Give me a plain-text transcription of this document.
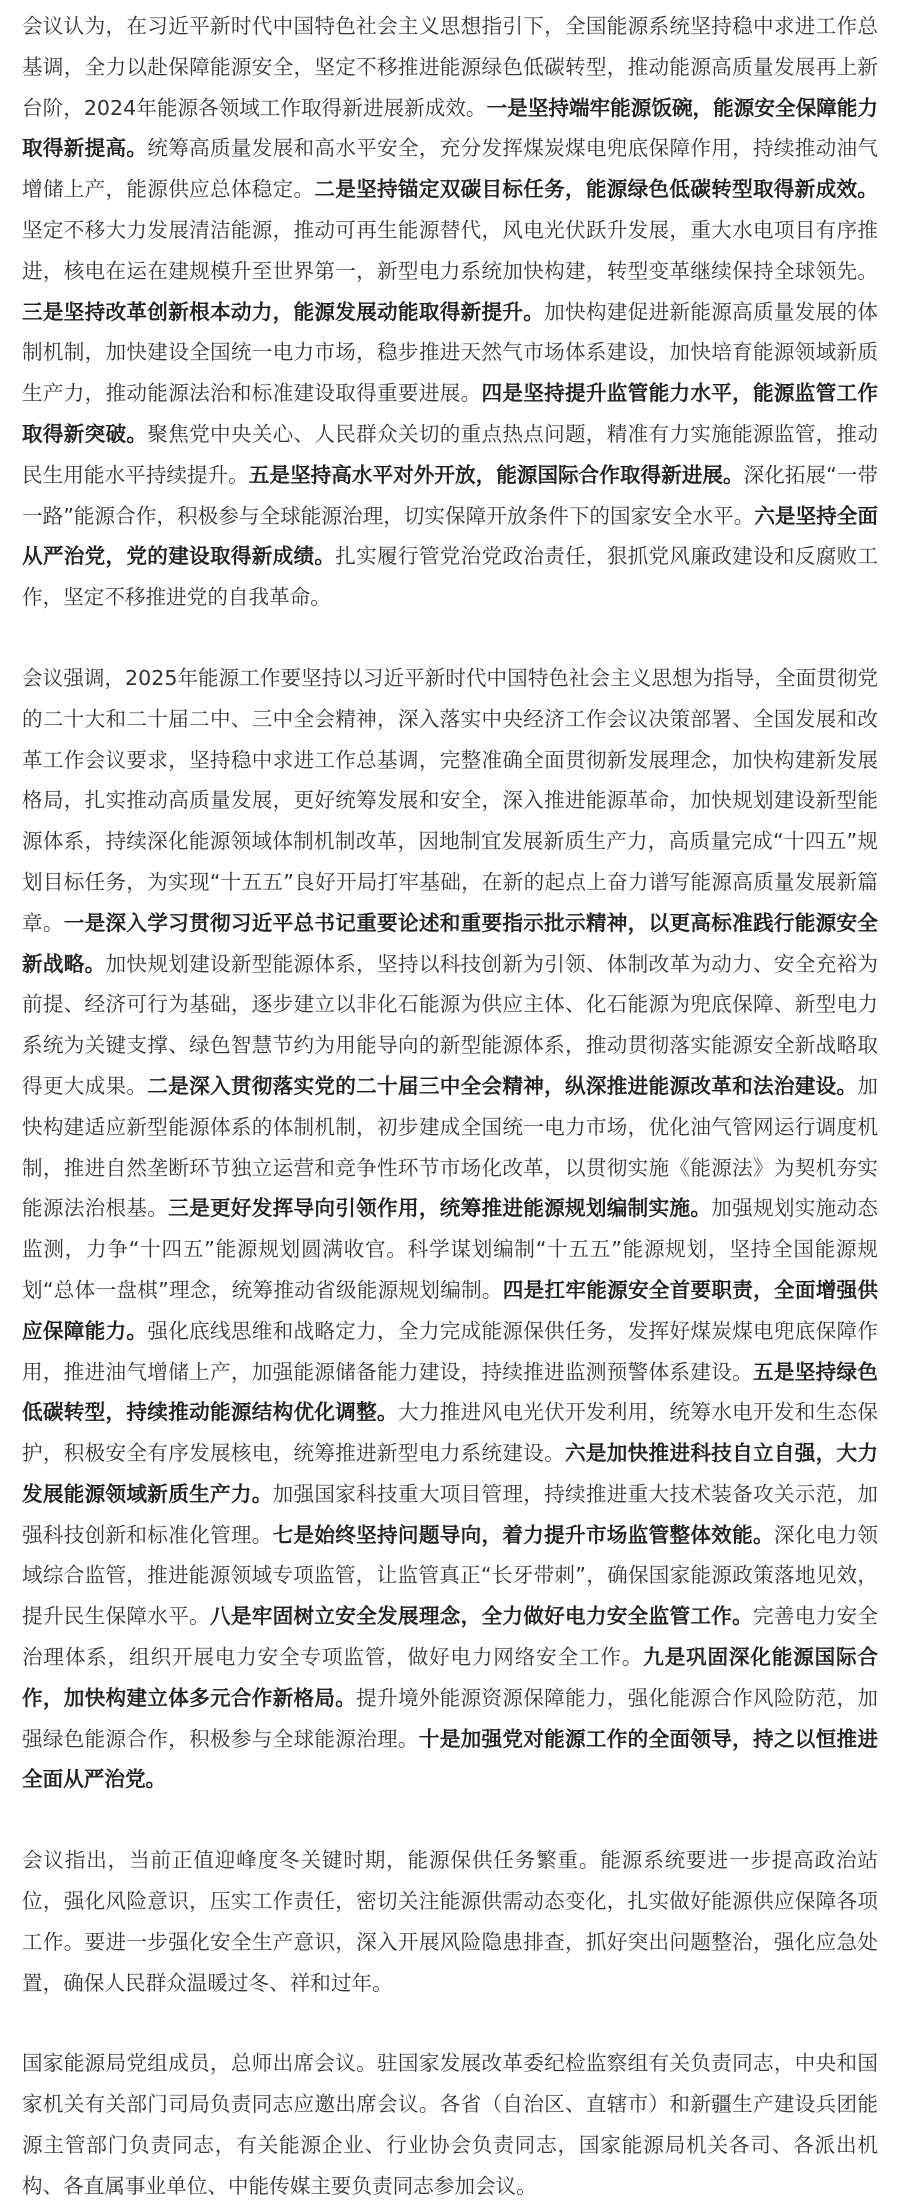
会议认为，在习近平新时代中国特色社会主义思想指引下，全国能源系统坚持稳中求进工作总基调，全力以赴保障能源安全，坚定不移推进能源绿色低碳转型，推动能源高质量发展再上新台阶，2024年能源各领域工作取得新进展新成效。一是坚持端牢能源饭碗，能源安全保障能力取得新提高。统筹高质量发展和高水平安全，充分发挥煤炭煤电兜底保障作用，持续推动油气增储上产，能源供应总体稳定。二是坚持锚定双碳目标任务，能源绿色低碳转型取得新成效。坚定不移大力发展清洁能源，推动可再生能源替代，风电光伏跃升发展，重大水电项目有序推进，核电在运在建规模升至世界第一，新型电力系统加快构建，转型变革继续保持全球领先。三是坚持改革创新根本动力，能源发展动能取得新提升。加快构建促进新能源高质量发展的体制机制，加快建设全国统一电力市场，稳步推进天然气市场体系建设，加快培育能源领域新质生产力，推动能源法治和标准建设取得重要进展。四是坚持提升监管能力水平，能源监管工作取得新突破。聚焦党中央关心、人民群众关切的重点热点问题，精准有力实施能源监管，推动民生用能水平持续提升。五是坚持高水平对外开放，能源国际合作取得新进展。深化拓展“一带一路”能源合作，积极参与全球能源治理，切实保障开放条件下的国家安全水平。六是坚持全面从严治党，党的建设取得新成绩。扎实履行管党治党政治责任，狠抓党风廉政建设和反腐败工作，坚定不移推进党的自我革命。

会议强调，2025年能源工作要坚持以习近平新时代中国特色社会主义思想为指导，全面贯彻党的二十大和二十届二中、三中全会精神，深入落实中央经济工作会议决策部署、全国发展和改革工作会议要求，坚持稳中求进工作总基调，完整准确全面贯彻新发展理念，加快构建新发展格局，扎实推动高质量发展，更好统筹发展和安全，深入推进能源革命，加快规划建设新型能源体系，持续深化能源领域体制机制改革，因地制宜发展新质生产力，高质量完成“十四五”规划目标任务，为实现“十五五”良好开局打牢基础，在新的起点上奋力谱写能源高质量发展新篇章。一是深入学习贯彻习近平总书记重要论述和重要指示批示精神，以更高标准践行能源安全新战略。加快规划建设新型能源体系，坚持以科技创新为引领、体制改革为动力、安全充裕为前提、经济可行为基础，逐步建立以非化石能源为供应主体、化石能源为兜底保障、新型电力系统为关键支撑、绿色智慧节约为用能导向的新型能源体系，推动贯彻落实能源安全新战略取得更大成果。二是深入贯彻落实党的二十届三中全会精神，纵深推进能源改革和法治建设。加快构建适应新型能源体系的体制机制，初步建成全国统一电力市场，优化油气管网运行调度机制，推进自然垄断环节独立运营和竞争性环节市场化改革，以贯彻实施《能源法》为契机夯实能源法治根基。三是更好发挥导向引领作用，统筹推进能源规划编制实施。加强规划实施动态监测，力争“十四五”能源规划圆满收官。科学谋划编制“十五五”能源规划，坚持全国能源规划“总体一盘棋”理念，统筹推动省级能源规划编制。四是扛牢能源安全首要职责，全面增强供应保障能力。强化底线思维和战略定力，全力完成能源保供任务，发挥好煤炭煤电兜底保障作用，推进油气增储上产，加强能源储备能力建设，持续推进监测预警体系建设。五是坚持绿色低碳转型，持续推动能源结构优化调整。大力推进风电光伏开发利用，统筹水电开发和生态保护，积极安全有序发展核电，统筹推进新型电力系统建设。六是加快推进科技自立自强，大力发展能源领域新质生产力。加强国家科技重大项目管理，持续推进重大技术装备攻关示范，加强科技创新和标准化管理。七是始终坚持问题导向，着力提升市场监管整体效能。深化电力领域综合监管，推进能源领域专项监管，让监管真正“长牙带刺”，确保国家能源政策落地见效，提升民生保障水平。八是牢固树立安全发展理念，全力做好电力安全监管工作。完善电力安全治理体系，组织开展电力安全专项监管，做好电力网络安全工作。九是巩固深化能源国际合作，加快构建立体多元合作新格局。提升境外能源资源保障能力，强化能源合作风险防范，加强绿色能源合作，积极参与全球能源治理。十是加强党对能源工作的全面领导，持之以恒推进全面从严治党。

会议指出，当前正值迎峰度冬关键时期，能源保供任务繁重。能源系统要进一步提高政治站位，强化风险意识，压实工作责任，密切关注能源供需动态变化，扎实做好能源供应保障各项工作。要进一步强化安全生产意识，深入开展风险隐患排查，抓好突出问题整治，强化应急处置，确保人民群众温暖过冬、祥和过年。

国家能源局党组成员，总师出席会议。驻国家发展改革委纪检监察组有关负责同志，中央和国家机关有关部门司局负责同志应邀出席会议。各省（自治区、直辖市）和新疆生产建设兵团能源主管部门负责同志，有关能源企业、行业协会负责同志，国家能源局机关各司、各派出机构、各直属事业单位、中能传媒主要负责同志参加会议。
